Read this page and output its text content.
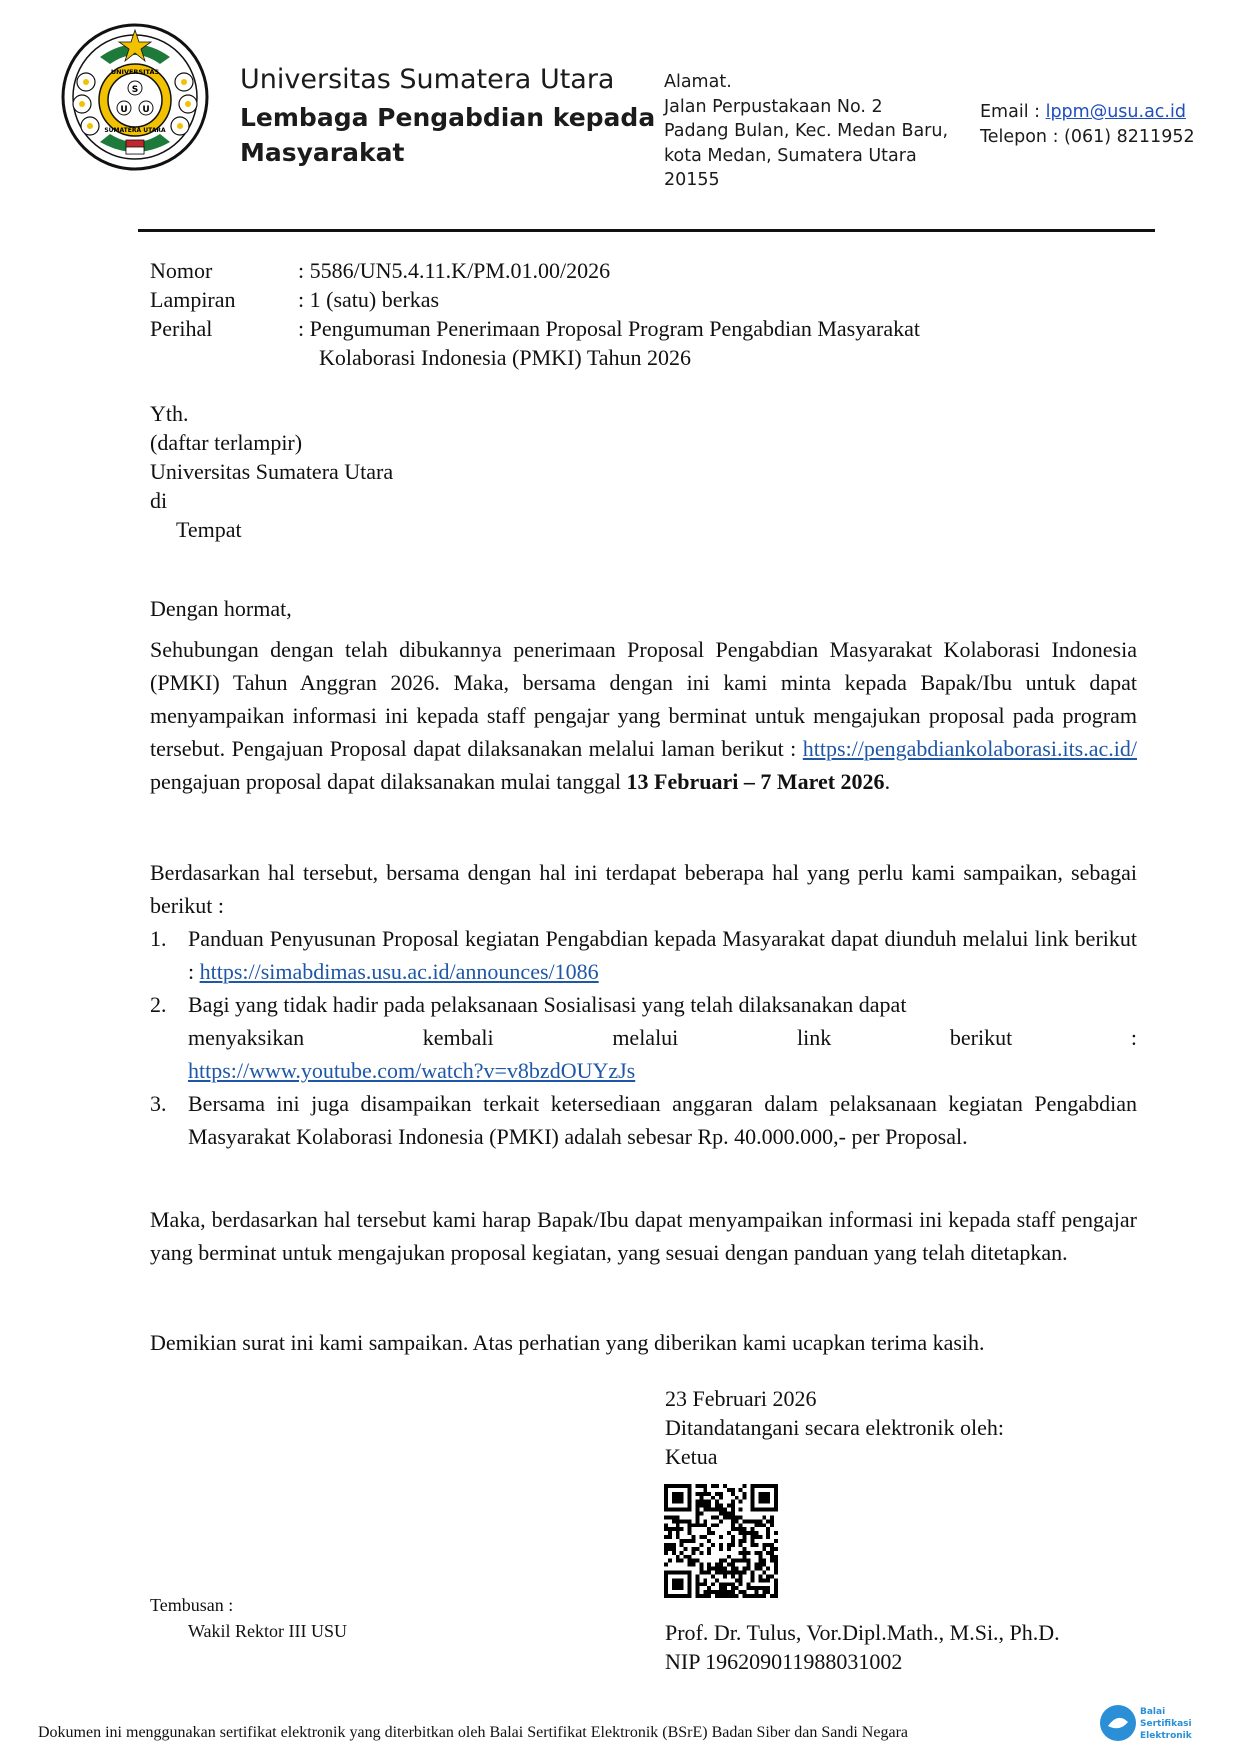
S
U U
UNIVERSITAS
SUMATERA UTARA
Universitas Sumatera Utara
Lembaga Pengabdian kepada
Masyarakat
Alamat.
Jalan Perpustakaan No. 2
Padang Bulan, Kec. Medan Baru,
kota Medan, Sumatera Utara
20155
Email : lppm@usu.ac.id
Telepon : (061) 8211952
Nomor	: 5586/UN5.4.11.K/PM.01.00/2026
Lampiran	: 1 (satu) berkas
Perihal	: Pengumuman Penerimaan Proposal Program Pengabdian Masyarakat
Kolaborasi Indonesia (PMKI) Tahun 2026
Yth.
(daftar terlampir)
Universitas Sumatera Utara
di
Tempat
Dengan hormat,
Sehubungan dengan telah dibukannya penerimaan Proposal Pengabdian Masyarakat Kolaborasi Indonesia (PMKI) Tahun Anggran 2026. Maka, bersama dengan ini kami minta kepada Bapak/Ibu untuk dapat menyampaikan informasi ini kepada staff pengajar yang berminat untuk mengajukan proposal pada program tersebut. Pengajuan Proposal dapat dilaksanakan melalui laman berikut : https://pengabdiankolaborasi.its.ac.id/ pengajuan proposal dapat dilaksanakan mulai tanggal 13 Februari – 7 Maret 2026.
Berdasarkan hal tersebut, bersama dengan hal ini terdapat beberapa hal yang perlu kami sampaikan, sebagai berikut :
1. Panduan Penyusunan Proposal kegiatan Pengabdian kepada Masyarakat dapat diunduh melalui link berikut : https://simabdimas.usu.ac.id/announces/1086
2. Bagi yang tidak hadir pada pelaksanaan Sosialisasi yang telah dilaksanakan dapat
menyaksikan	kembali	melalui	link	berikut	:
https://www.youtube.com/watch?v=v8bzdOUYzJs
3. Bersama ini juga disampaikan terkait ketersediaan anggaran dalam pelaksanaan kegiatan Pengabdian Masyarakat Kolaborasi Indonesia (PMKI) adalah sebesar Rp. 40.000.000,- per Proposal.
Maka, berdasarkan hal tersebut kami harap Bapak/Ibu dapat menyampaikan informasi ini kepada staff pengajar yang berminat untuk mengajukan proposal kegiatan, yang sesuai dengan panduan yang telah ditetapkan.
Demikian surat ini kami sampaikan. Atas perhatian yang diberikan kami ucapkan terima kasih.
23 Februari 2026
Ditandatangani secara elektronik oleh:
Ketua
Prof. Dr. Tulus, Vor.Dipl.Math., M.Si., Ph.D.
NIP 196209011988031002
Tembusan :
Wakil Rektor III USU
Dokumen ini menggunakan sertifikat elektronik yang diterbitkan oleh Balai Sertifikat Elektronik (BSrE) Badan Siber dan Sandi Negara
Balai
Sertifikasi
Elektronik
